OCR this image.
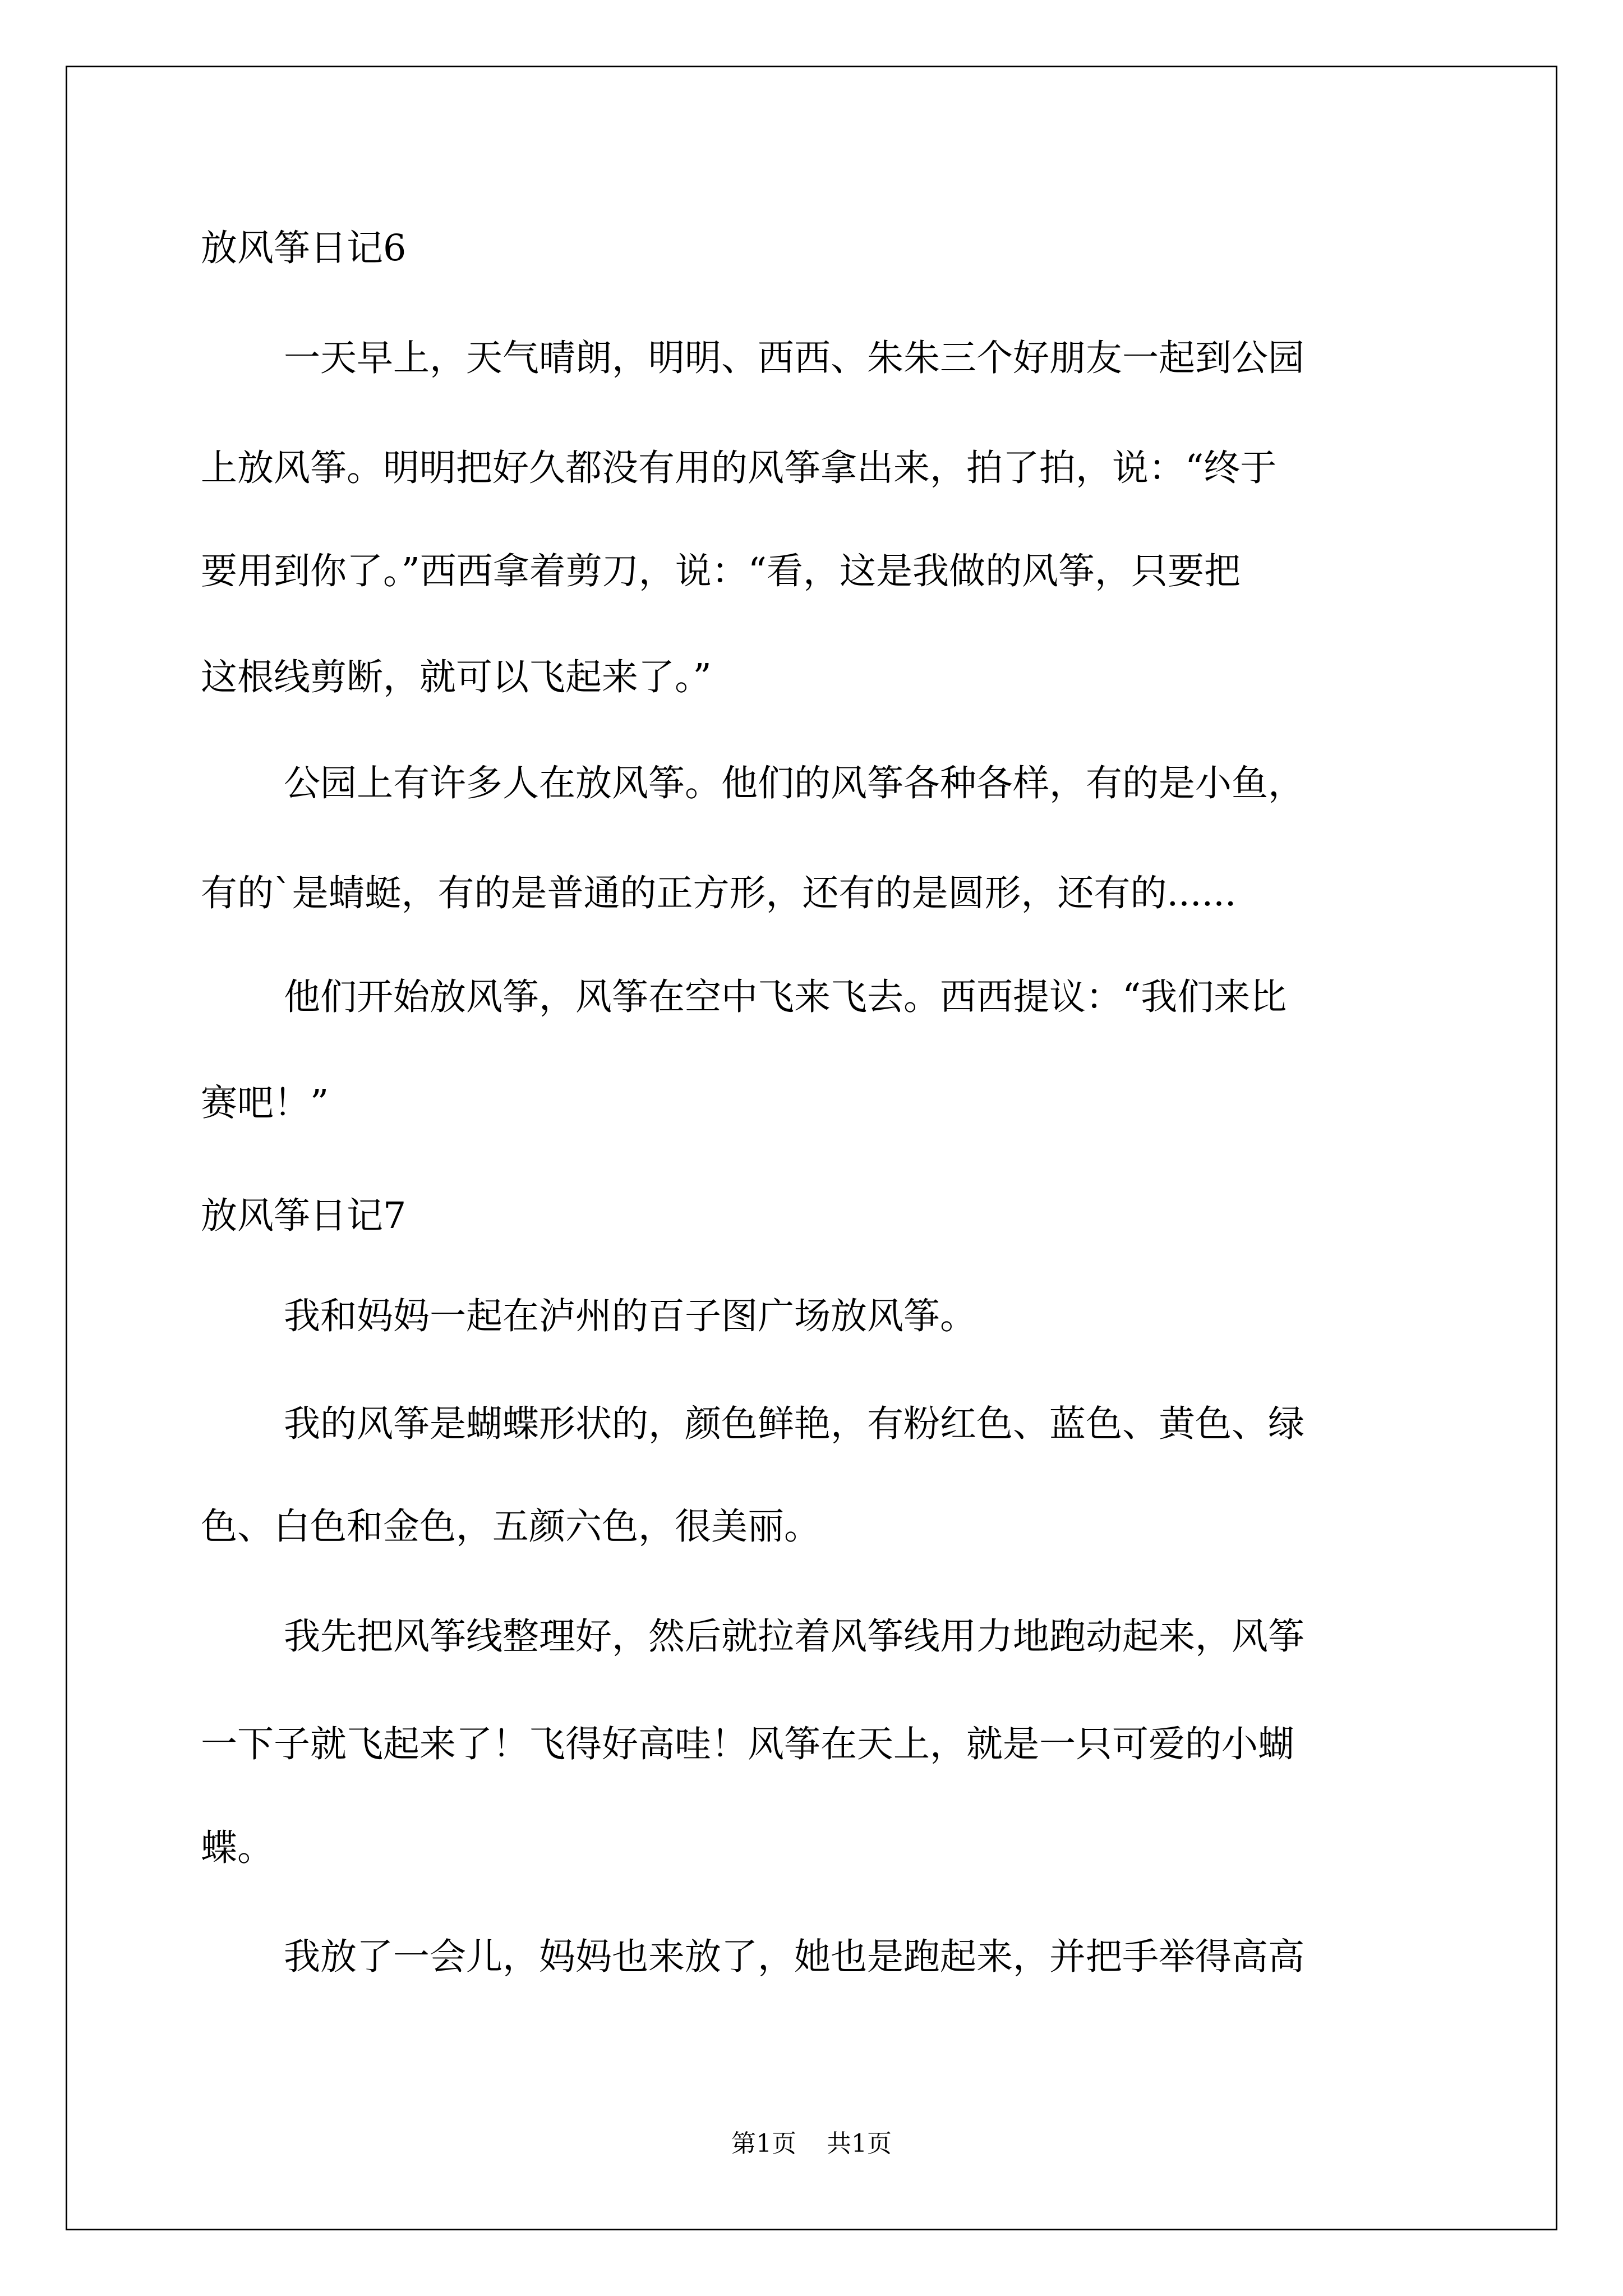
放风筝日记6
一天早上，天气晴朗，明明、西西、朱朱三个好朋友一起到公园
上放风筝。明明把好久都没有用的风筝拿出来，拍了拍，说：“终于
要用到你了。”西西拿着剪刀，说：“看，这是我做的风筝，只要把
这根线剪断，就可以飞起来了。”
公园上有许多人在放风筝。他们的风筝各种各样，有的是小鱼，
有的`是蜻蜓，有的是普通的正方形，还有的是圆形，还有的......
他们开始放风筝，风筝在空中飞来飞去。西西提议：“我们来比
赛吧！”
放风筝日记7
我和妈妈一起在泸州的百子图广场放风筝。
我的风筝是蝴蝶形状的，颜色鲜艳，有粉红色、蓝色、黄色、绿
色、白色和金色，五颜六色，很美丽。
我先把风筝线整理好，然后就拉着风筝线用力地跑动起来，风筝
一下子就飞起来了！飞得好高哇！风筝在天上，就是一只可爱的小蝴
蝶。
我放了一会儿，妈妈也来放了，她也是跑起来，并把手举得高高
第1页 共1页
